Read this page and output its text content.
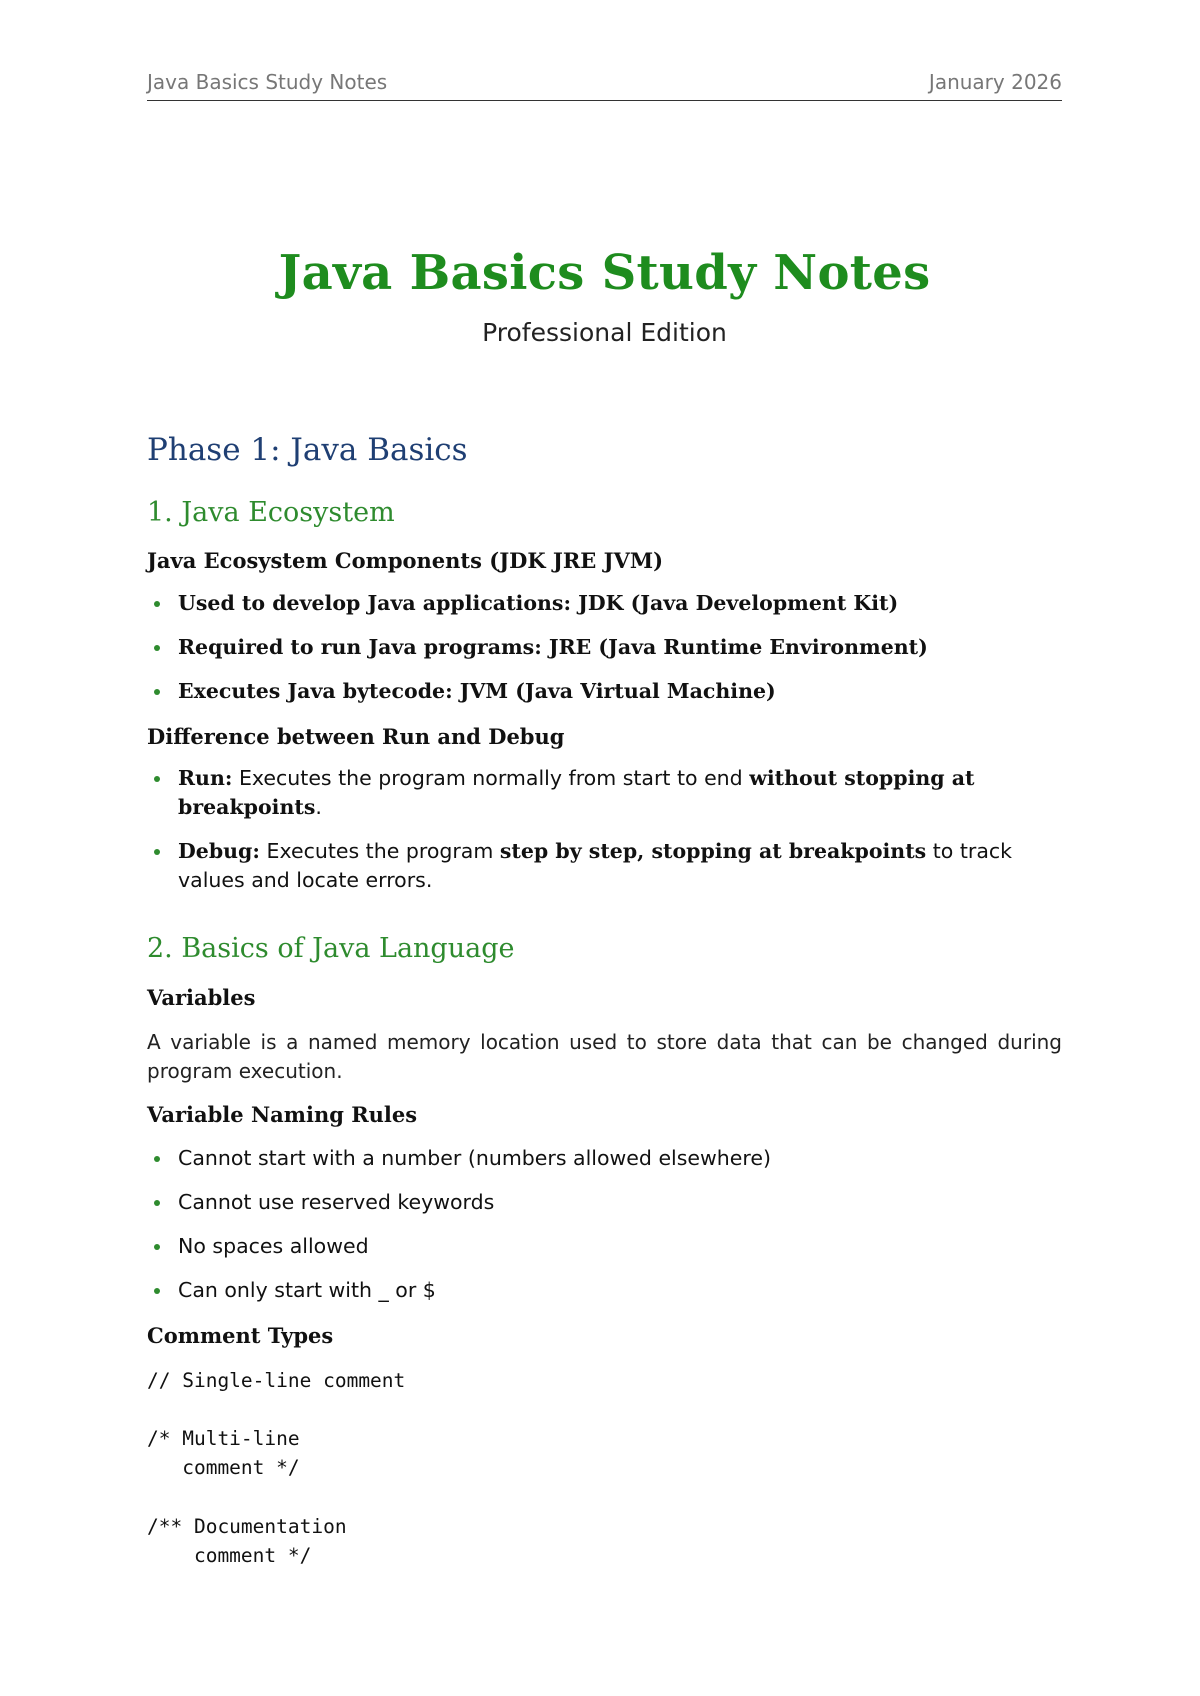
Java Basics Study Notes	January 2026
Java Basics Study Notes
Professional Edition
Phase 1: Java Basics
1. Java Ecosystem
Java Ecosystem Components (JDK JRE JVM)
Used to develop Java applications: JDK (Java Development Kit)
Required to run Java programs: JRE (Java Runtime Environment)
Executes Java bytecode: JVM (Java Virtual Machine)
Difference between Run and Debug
Run: Executes the program normally from start to end without stopping at breakpoints.
Debug: Executes the program step by step, stopping at breakpoints to track values and locate errors.
2. Basics of Java Language
Variables
A variable is a named memory location used to store data that can be changed during program execution.
Variable Naming Rules
Cannot start with a number (numbers allowed elsewhere)
Cannot use reserved keywords
No spaces allowed
Can only start with _ or $
Comment Types
// Single-line comment
/* Multi-line
comment */
/** Documentation
comment */
